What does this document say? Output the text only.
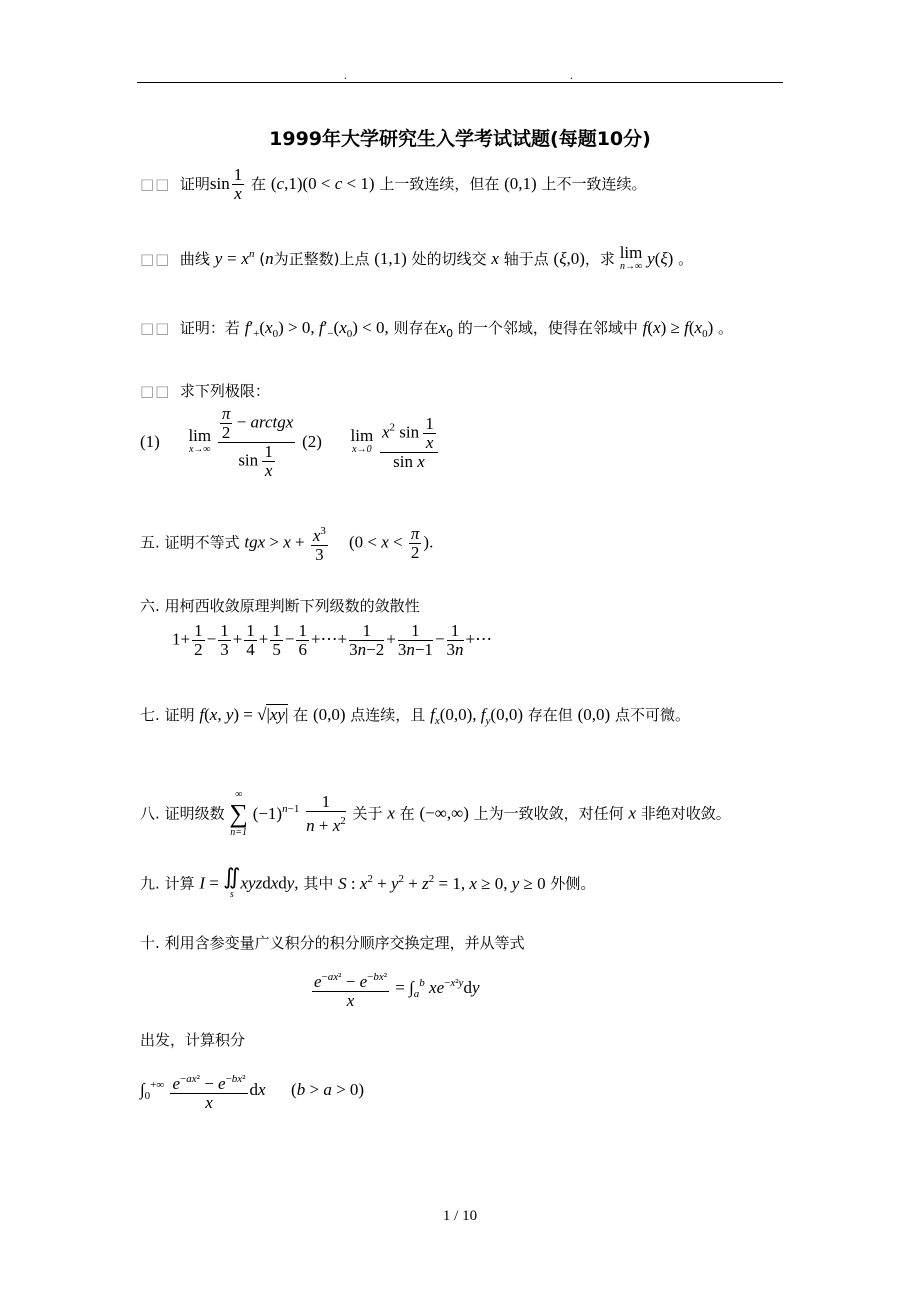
.	.
1999年大学研究生入学考试试题(每题10分)
□□ 证明$\sin \frac{1}{x}$ 在 (c,1)(0 < c < 1) 上一致连续，但在 (0,1) 上不一致连续。
□□ 曲线 $y = x^n$ (n为正整数)上点 (1,1) 处的切线交 x 轴于点 (ξ,0)，求 lim
n→∞ y(ξ) 。
□□ 证明：若 $f'_+(x_0) > 0$, $f'_-(x_0) < 0$, 则存在$x_0$ 的一个邻域，使得在邻域中 $f(x) \ge f(x_0)$ 。
□□ 求下列极限：
(1) lim
x→∞
$\frac{\frac{\pi}{2} - arctgx}{\sin \frac{1}{x}} (2)$ lim
x→0
$\frac{x^2 \sin \frac{1}{x}}{\text{sin x}}$
五. 证明不等式 tgx > $x + \frac{x^3}{3} (0 < x < \frac{\pi}{2}$ ).
六. 用柯西收敛原理判断下列级数的敛散性
$1+ \frac{1}{2} - \frac{1}{3} + \frac{1}{4} + \frac{1}{5} - \frac{1}{6}$ +⋯+ $\frac{1}{3n-2} + \frac{1}{3n-1} - \frac{1}{3n}$ +⋯
七. 证明 f(x, y) = √|xy| 在 (0,0) 点连续，且 $f_x(0,0)$, $f_y(0,0)$ 存在但 (0,0) 点不可微。
八. 证明级数
∞
∑
n=1
$(-1)^{n-1} \frac{1}{n + x^2}$ 关于 x 在 (−∞,∞) 上为一致收敛，对任何 x 非绝对收敛。
九. 计算 I = ∬
s
xyzdxdy, 其中 S : $x^2 + y^2 + z^2 = 1$, x ≥ 0, y ≥ 0 外侧。
十. 利用含参变量广义积分的积分顺序交换定理，并从等式
$\frac{e^{-ax^2} - e^{-bx^2}}{x} = \int_a^b$ $xe^{-x^2y}dy$
出发，计算积分
$\int_0^{+\infty} \frac{e^{-ax^2} - e^{-bx^2}}{x}$ dx      (b > a > 0)
1 / 10
